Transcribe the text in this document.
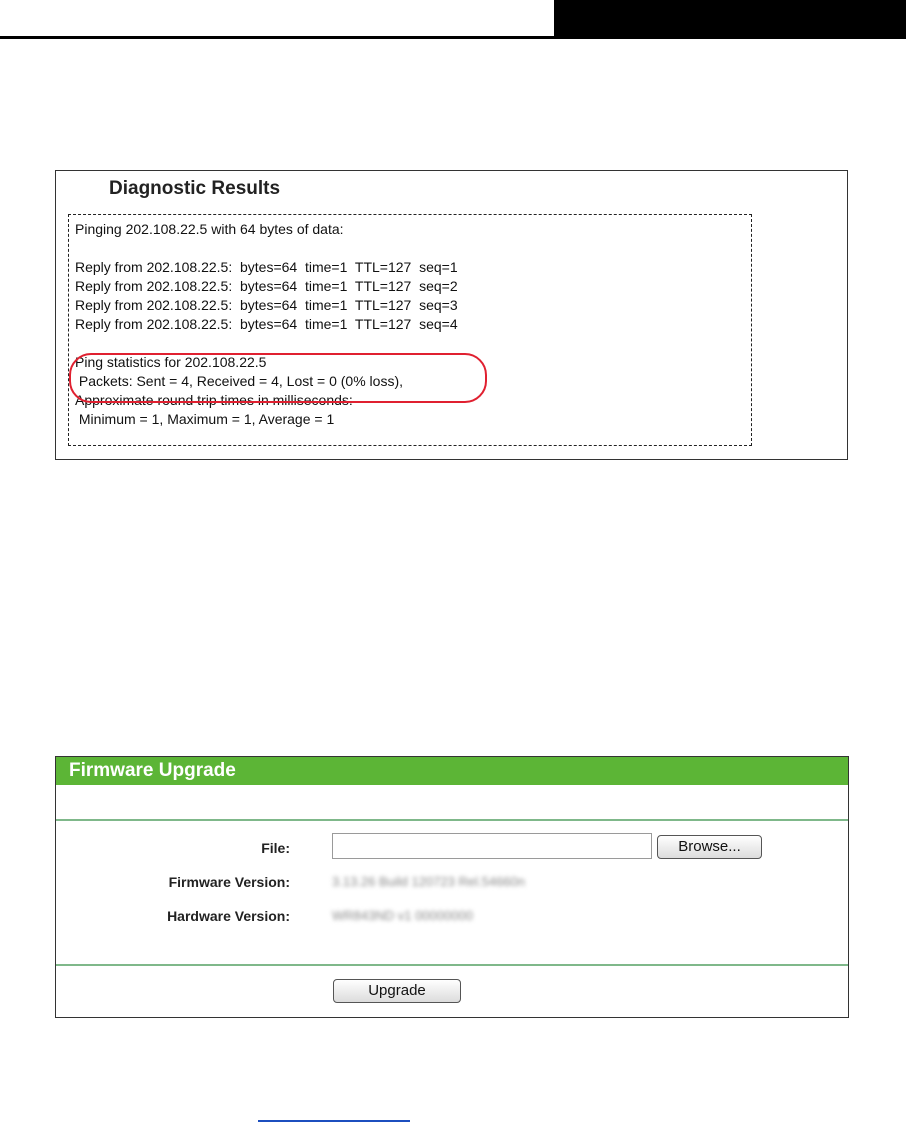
Diagnostic Results
Pinging 202.108.22.5 with 64 bytes of data:
Reply from 202.108.22.5:  bytes=64  time=1  TTL=127  seq=1
Reply from 202.108.22.5:  bytes=64  time=1  TTL=127  seq=2
Reply from 202.108.22.5:  bytes=64  time=1  TTL=127  seq=3
Reply from 202.108.22.5:  bytes=64  time=1  TTL=127  seq=4
Ping statistics for 202.108.22.5
Packets: Sent = 4, Received = 4, Lost = 0 (0% loss),
Approximate round trip times in milliseconds:
Minimum = 1, Maximum = 1, Average = 1
Firmware Upgrade
File:	Browse...
Firmware Version:	3.13.26 Build 120723 Rel.54660n
Hardware Version:	WR843ND v1 00000000
Upgrade
